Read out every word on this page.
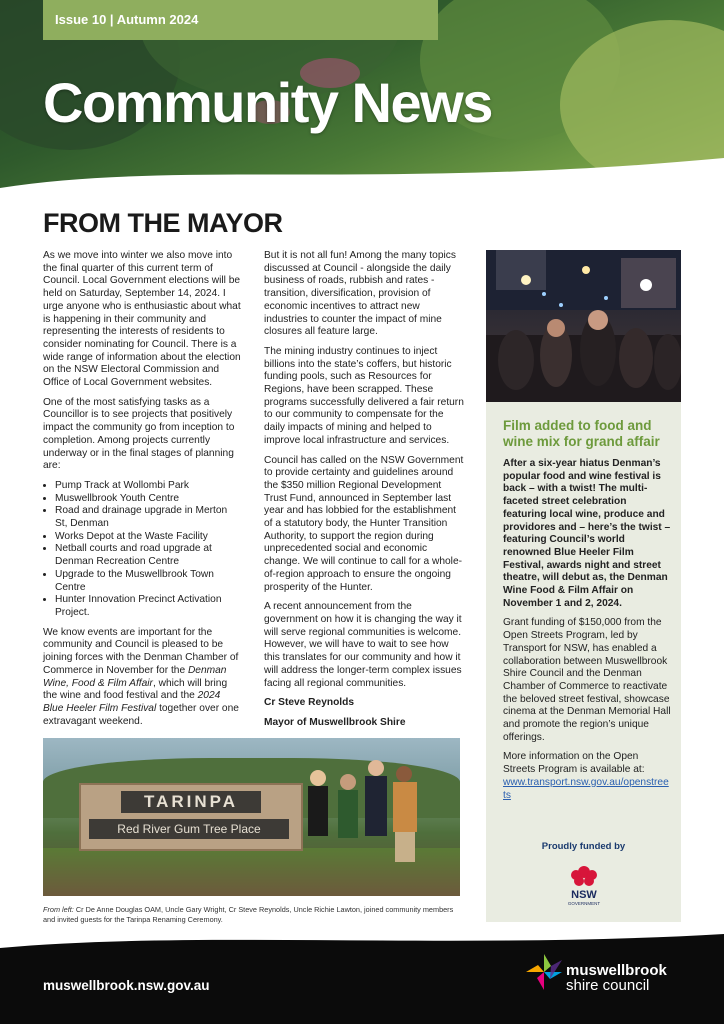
Issue 10 | Autumn 2024
Community News
FROM THE MAYOR

As we move into winter we also move into the final quarter of this current term of Council. Local Government elections will be held on Saturday, September 14, 2024. I urge anyone who is enthusiastic about what is happening in their community and representing the interests of residents to consider nominating for Council. There is a wide range of information about the election on the NSW Electoral Commission and Office of Local Government websites.

One of the most satisfying tasks as a Councillor is to see projects that positively impact the community go from inception to completion. Among projects currently underway or in the final stages of planning are:

• Pump Track at Wollombi Park
• Muswellbrook Youth Centre
• Road and drainage upgrade in Merton St, Denman
• Works Depot at the Waste Facility
• Netball courts and road upgrade at Denman Recreation Centre
• Upgrade to the Muswellbrook Town Centre
• Hunter Innovation Precinct Activation Project.

We know events are important for the community and Council is pleased to be joining forces with the Denman Chamber of Commerce in November for the Denman Wine, Food & Film Affair, which will bring the wine and food festival and the 2024 Blue Heeler Film Festival together over one extravagant weekend.

But it is not all fun! Among the many topics discussed at Council - alongside the daily business of roads, rubbish and rates - transition, diversification, provision of economic incentives to attract new industries to counter the impact of mine closures all feature large.

The mining industry continues to inject billions into the state’s coffers, but historic funding pools, such as Resources for Regions, have been scrapped. These programs successfully delivered a fair return to our community to compensate for the daily impacts of mining and helped to improve local infrastructure and services.

Council has called on the NSW Government to provide certainty and guidelines around the $350 million Regional Development Trust Fund, announced in September last year and has lobbied for the establishment of a statutory body, the Hunter Transition Authority, to support the region during unprecedented social and economic change. We will continue to call for a whole-of-region approach to ensure the ongoing prosperity of the Hunter.

A recent announcement from the government on how it is changing the way it will serve regional communities is welcome. However, we will have to wait to see how this translates for our community and how it will address the longer-term complex issues facing all regional communities.

Cr Steve Reynolds

Mayor of Muswellbrook Shire

Film added to food and wine mix for grand affair

After a six-year hiatus Denman’s popular food and wine festival is back – with a twist! The multi-faceted street celebration featuring local wine, produce and providores and – here’s the twist – featuring Council’s world renowned Blue Heeler Film Festival, awards night and street theatre, will debut as, the Denman Wine Food & Film Affair on November 1 and 2, 2024.

Grant funding of $150,000 from the Open Streets Program, led by Transport for NSW, has enabled a collaboration between Muswellbrook Shire Council and the Denman Chamber of Commerce to reactivate the beloved street festival, showcase cinema at the Denman Memorial Hall and promote the region’s unique offerings.

More information on the Open Streets Program is available at:

www.transport.nsw.gov.au/openstreets
Proudly funded by
NSW
GOVERNMENT
TARINPA
Red River Gum Tree Place
From left: Cr De Anne Douglas OAM, Uncle Gary Wright, Cr Steve Reynolds, Uncle Richie Lawton, joined community members and invited guests for the Tarinpa Renaming Ceremony.
muswellbrook.nsw.gov.au
muswellbrook
shire council
